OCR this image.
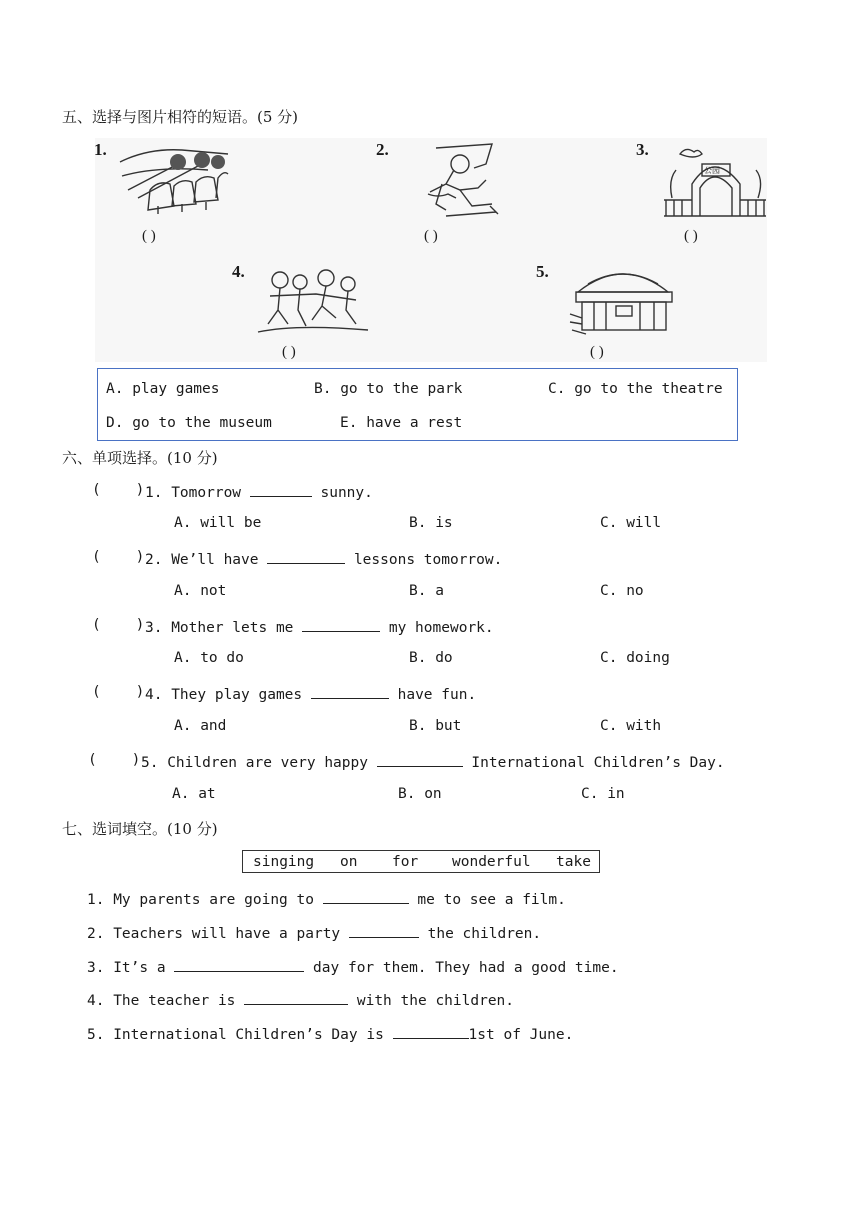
五、选择与图片相符的短语。(5 分)
1.
( )
2.
( )
3.
公园
( )
4.
( )
5.
( )
A. play games	B. go to the park	C. go to the theatre
D. go to the museum	E. have a rest
六、单项选择。(10 分)
(    ) 1. Tomorrow	sunny.
A. will be	B. is	C. will
(    ) 2. We’ll have	lessons tomorrow.
A. not	B. a	C. no
(    ) 3. Mother lets me	my homework.
A. to do	B. do	C. doing
(    ) 4. They play games	have fun.
A. and	B. but	C. with
(    ) 5. Children are very happy	International Children’s Day.
A. at	B. on	C. in
七、选词填空。(10 分)
singing on for wonderful take
1. My parents are going to	me to see a film.
2. Teachers will have a party	the children.
3. It’s a	day for them. They had a good time.
4. The teacher is	with the children.
5. International Children’s Day is	1st of June.
